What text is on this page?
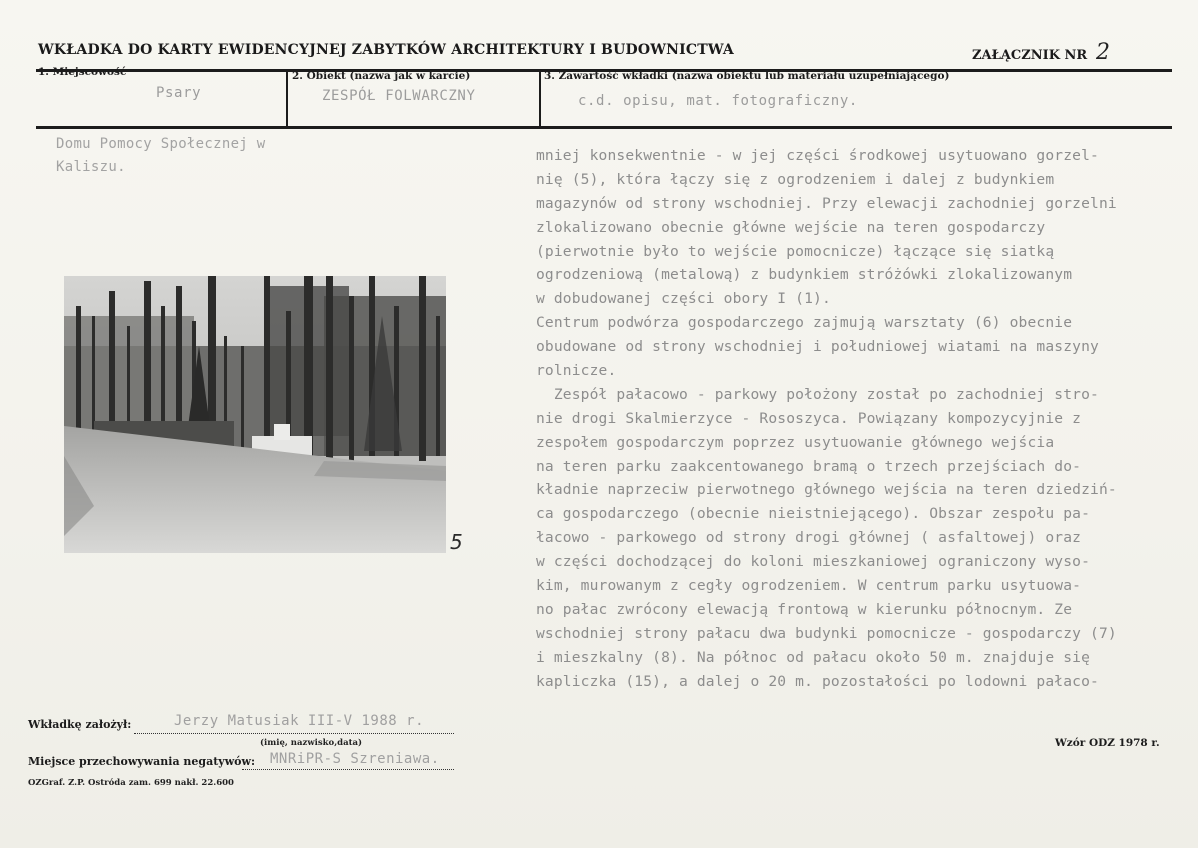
WKŁADKA DO KARTY EWIDENCYJNEJ ZABYTKÓW ARCHITEKTURY I BUDOWNICTWA	ZAŁĄCZNIK NR 2
1. Miejscowość
Psary
2. Obiekt (nazwa jak w karcie)
ZESPÓŁ FOLWARCZNY
3. Zawartość wkładki (nazwa obiektu lub materiału uzupełniającego)
c.d. opisu, mat. fotograficzny.
Domu Pomocy Społecznej w
Kaliszu.
5
mniej konsekwentnie - w jej części środkowej usytuowano gorzel-
nię (5), która łączy się z ogrodzeniem i dalej z budynkiem
magazynów od strony wschodniej. Przy elewacji zachodniej gorzelni
zlokalizowano obecnie główne wejście na teren gospodarczy
(pierwotnie było to wejście pomocnicze) łączące się siatką
ogrodzeniową (metalową) z budynkiem stróżówki zlokalizowanym
w dobudowanej części obory I (1).
Centrum podwórza gospodarczego zajmują warsztaty (6) obecnie
obudowane od strony wschodniej i południowej wiatami na maszyny
rolnicze.
Zespół pałacowo - parkowy położony został po zachodniej stro-
nie drogi Skalmierzyce - Rososzyca. Powiązany kompozycyjnie z
zespołem gospodarczym poprzez usytuowanie głównego wejścia
na teren parku zaakcentowanego bramą o trzech przejściach do-
kładnie naprzeciw pierwotnego głównego wejścia na teren dziedziń-
ca gospodarczego (obecnie nieistniejącego). Obszar zespołu pa-
łacowo - parkowego od strony drogi głównej ( asfaltowej) oraz
w części dochodzącej do koloni mieszkaniowej ograniczony wyso-
kim, murowanym z cegły ogrodzeniem. W centrum parku usytuowa-
no pałac zwrócony elewacją frontową w kierunku północnym. Ze
wschodniej strony pałacu dwa budynki pomocnicze - gospodarczy (7)
i mieszkalny (8). Na północ od pałacu około 50 m. znajduje się
kapliczka (15), a dalej o 20 m. pozostałości po lodowni pałaco-
Wkładkę założył:	Jerzy Matusiak III-V 1988 r.
(imię, nazwisko,data)
Miejsce przechowywania negatywów: MNRiPR-S Szreniawa.
OZGraf. Z.P. Ostróda zam. 699 nakł. 22.600
Wzór ODZ 1978 r.
